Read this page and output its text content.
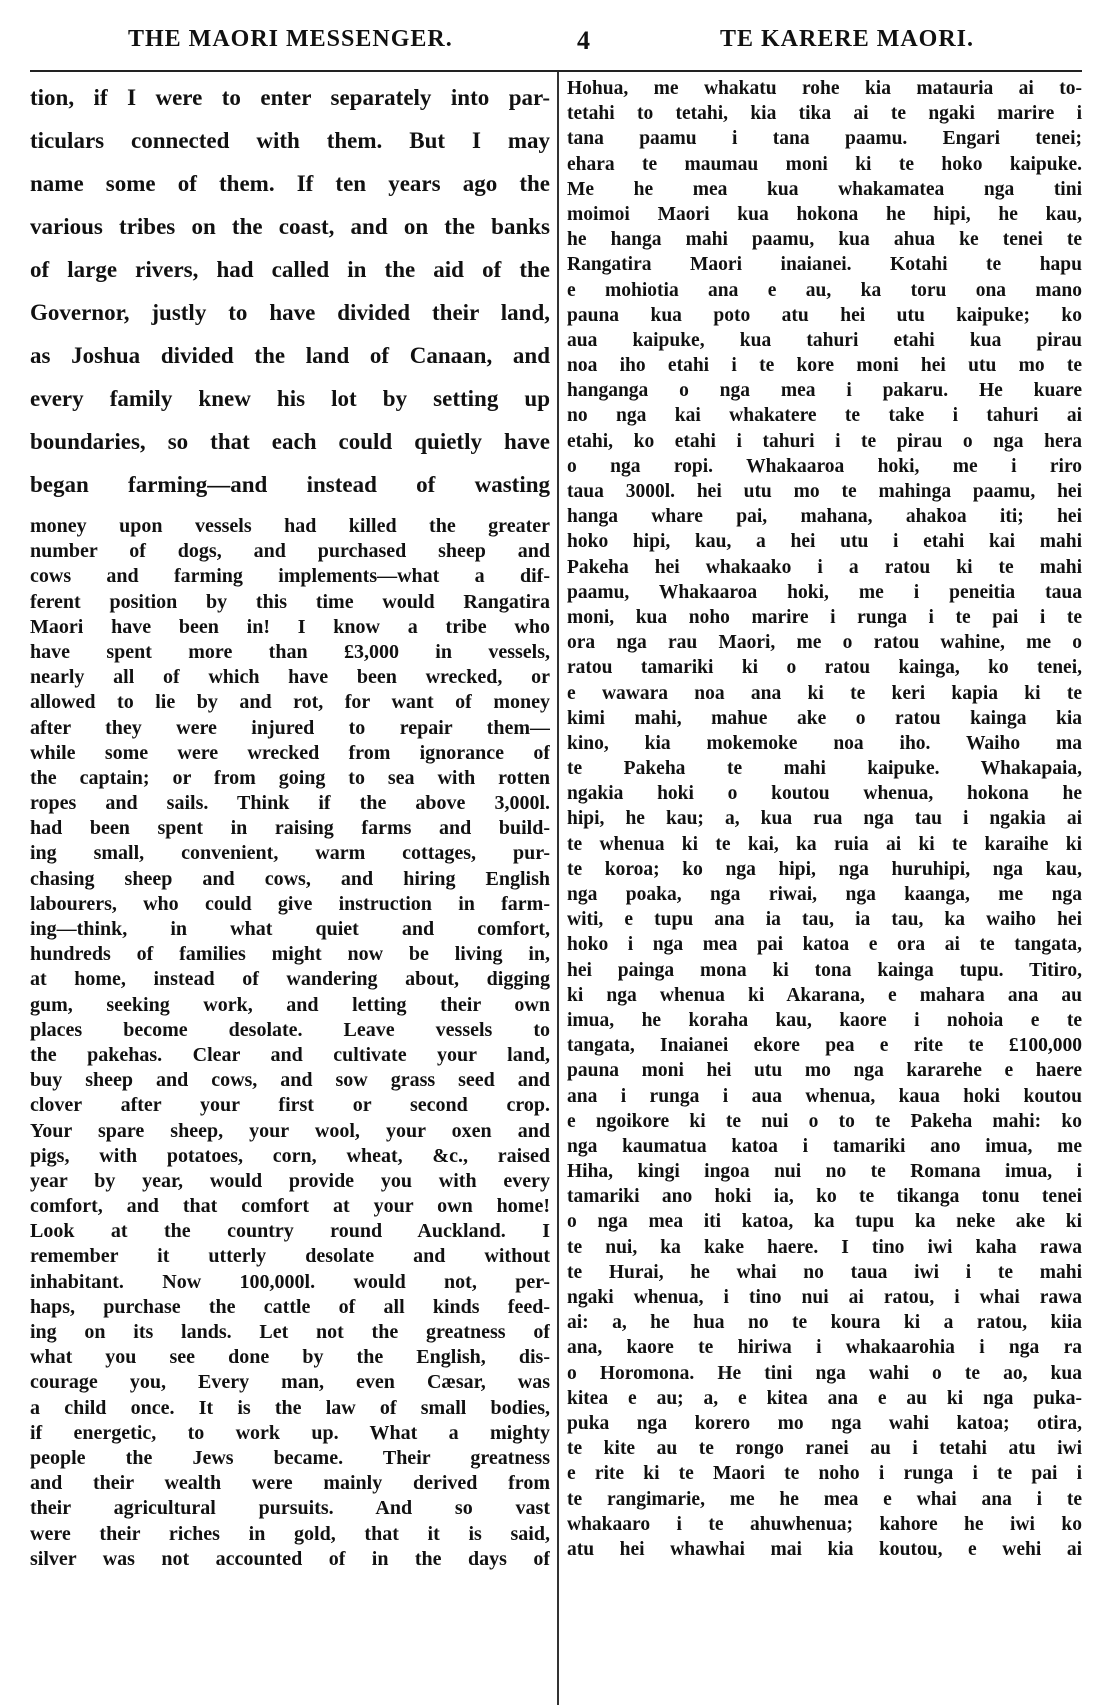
THE MAORI MESSENGER.	4	TE KARERE MAORI.
tion, if I were to enter separately into par-
ticulars connected with them. But I may
name some of them. If ten years ago the
various tribes on the coast, and on the banks
of large rivers, had called in the aid of the
Governor, justly to have divided their land,
as Joshua divided the land of Canaan, and
every family knew his lot by setting up
boundaries, so that each could quietly have
began farming—and instead of wasting
money upon vessels had killed the greater
number of dogs, and purchased sheep and
cows and farming implements—what a dif-
ferent position by this time would Rangatira
Maori have been in! I know a tribe who
have spent more than £3,000 in vessels,
nearly all of which have been wrecked, or
allowed to lie by and rot, for want of money
after they were injured to repair them—
while some were wrecked from ignorance of
the captain; or from going to sea with rotten
ropes and sails. Think if the above 3,000l.
had been spent in raising farms and build-
ing small, convenient, warm cottages, pur-
chasing sheep and cows, and hiring English
labourers, who could give instruction in farm-
ing—think, in what quiet and comfort,
hundreds of families might now be living in,
at home, instead of wandering about, digging
gum, seeking work, and letting their own
places become desolate. Leave vessels to
the pakehas. Clear and cultivate your land,
buy sheep and cows, and sow grass seed and
clover after your first or second crop.
Your spare sheep, your wool, your oxen and
pigs, with potatoes, corn, wheat, &c., raised
year by year, would provide you with every
comfort, and that comfort at your own home!
Look at the country round Auckland. I
remember it utterly desolate and without
inhabitant. Now 100,000l. would not, per-
haps, purchase the cattle of all kinds feed-
ing on its lands. Let not the greatness of
what you see done by the English, dis-
courage you, Every man, even Cæsar, was
a child once. It is the law of small bodies,
if energetic, to work up. What a mighty
people the Jews became. Their greatness
and their wealth were mainly derived from
their agricultural pursuits. And so vast
were their riches in gold, that it is said,
silver was not accounted of in the days of
Hohua, me whakatu rohe kia matauria ai to-
tetahi to tetahi, kia tika ai te ngaki marire i
tana paamu i tana paamu. Engari tenei;
ehara te maumau moni ki te hoko kaipuke.
Me he mea kua whakamatea nga tini
moimoi Maori kua hokona he hipi, he kau,
he hanga mahi paamu, kua ahua ke tenei te
Rangatira Maori inaianei. Kotahi te hapu
e mohiotia ana e au, ka toru ona mano
pauna kua poto atu hei utu kaipuke; ko
aua kaipuke, kua tahuri etahi kua pirau
noa iho etahi i te kore moni hei utu mo te
hanganga o nga mea i pakaru. He kuare
no nga kai whakatere te take i tahuri ai
etahi, ko etahi i tahuri i te pirau o nga hera
o nga ropi. Whakaaroa hoki, me i riro
taua 3000l. hei utu mo te mahinga paamu, hei
hanga whare pai, mahana, ahakoa iti; hei
hoko hipi, kau, a hei utu i etahi kai mahi
Pakeha hei whakaako i a ratou ki te mahi
paamu, Whakaaroa hoki, me i peneitia taua
moni, kua noho marire i runga i te pai i te
ora nga rau Maori, me o ratou wahine, me o
ratou tamariki ki o ratou kainga, ko tenei,
e wawara noa ana ki te keri kapia ki te
kimi mahi, mahue ake o ratou kainga kia
kino, kia mokemoke noa iho. Waiho ma
te Pakeha te mahi kaipuke. Whakapaia,
ngakia hoki o koutou whenua, hokona he
hipi, he kau; a, kua rua nga tau i ngakia ai
te whenua ki te kai, ka ruia ai ki te karaihe ki
te koroa; ko nga hipi, nga huruhipi, nga kau,
nga poaka, nga riwai, nga kaanga, me nga
witi, e tupu ana ia tau, ia tau, ka waiho hei
hoko i nga mea pai katoa e ora ai te tangata,
hei painga mona ki tona kainga tupu. Titiro,
ki nga whenua ki Akarana, e mahara ana au
imua, he koraha kau, kaore i nohoia e te
tangata, Inaianei ekore pea e rite te £100,000
pauna moni hei utu mo nga kararehe e haere
ana i runga i aua whenua, kaua hoki koutou
e ngoikore ki te nui o to te Pakeha mahi: ko
nga kaumatua katoa i tamariki ano imua, me
Hiha, kingi ingoa nui no te Romana imua, i
tamariki ano hoki ia, ko te tikanga tonu tenei
o nga mea iti katoa, ka tupu ka neke ake ki
te nui, ka kake haere. I tino iwi kaha rawa
te Hurai, he whai no taua iwi i te mahi
ngaki whenua, i tino nui ai ratou, i whai rawa
ai: a, he hua no te koura ki a ratou, kiia
ana, kaore te hiriwa i whakaarohia i nga ra
o Horomona. He tini nga wahi o te ao, kua
kitea e au; a, e kitea ana e au ki nga puka-
puka nga korero mo nga wahi katoa; otira,
te kite au te rongo ranei au i tetahi atu iwi
e rite ki te Maori te noho i runga i te pai i
te rangimarie, me he mea e whai ana i te
whakaaro i te ahuwhenua; kahore he iwi ko
atu hei whawhai mai kia koutou, e wehi ai
